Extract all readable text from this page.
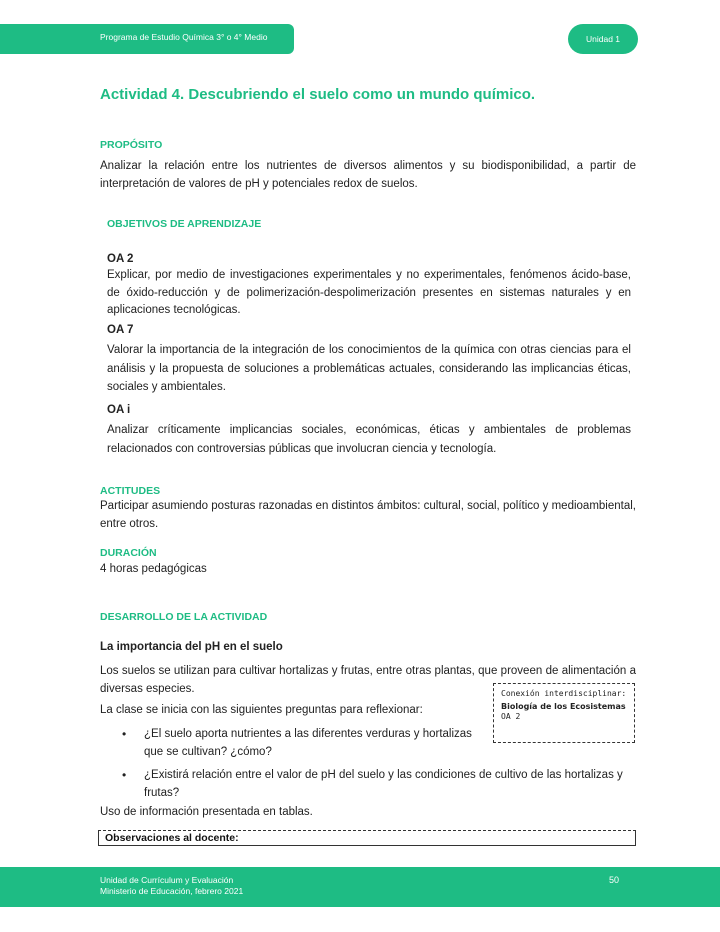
Programa de Estudio Química 3° o 4° Medio	Unidad 1
Actividad 4. Descubriendo el suelo como un mundo químico.
PROPÓSITO
Analizar la relación entre los nutrientes de diversos alimentos y su biodisponibilidad, a partir de interpretación de valores de pH y potenciales redox de suelos.
OBJETIVOS DE APRENDIZAJE
OA 2
Explicar, por medio de investigaciones experimentales y no experimentales, fenómenos ácido-base, de óxido-reducción y de polimerización-despolimerización presentes en sistemas naturales y en aplicaciones tecnológicas.
OA 7
Valorar la importancia de la integración de los conocimientos de la química con otras ciencias para el análisis y la propuesta de soluciones a problemáticas actuales, considerando las implicancias éticas, sociales y ambientales.
OA i
Analizar críticamente implicancias sociales, económicas, éticas y ambientales de problemas relacionados con controversias públicas que involucran ciencia y tecnología.
ACTITUDES
Participar asumiendo posturas razonadas en distintos ámbitos: cultural, social, político y medioambiental, entre otros.
DURACIÓN
4 horas pedagógicas
DESARROLLO DE LA ACTIVIDAD
La importancia del pH en el suelo
Los suelos se utilizan para cultivar hortalizas y frutas, entre otras plantas, que proveen de alimentación a diversas especies.
La clase se inicia con las siguientes preguntas para reflexionar:
• ¿El suelo aporta nutrientes a las diferentes verduras y hortalizas que se cultivan? ¿cómo?
• ¿Existirá relación entre el valor de pH del suelo y las condiciones de cultivo de las hortalizas y frutas?
Uso de información presentada en tablas.
Conexión interdisciplinar:
Biología de los Ecosistemas OA 2
Observaciones al docente:
Unidad de Currículum y Evaluación
Ministerio de Educación, febrero 2021
50
